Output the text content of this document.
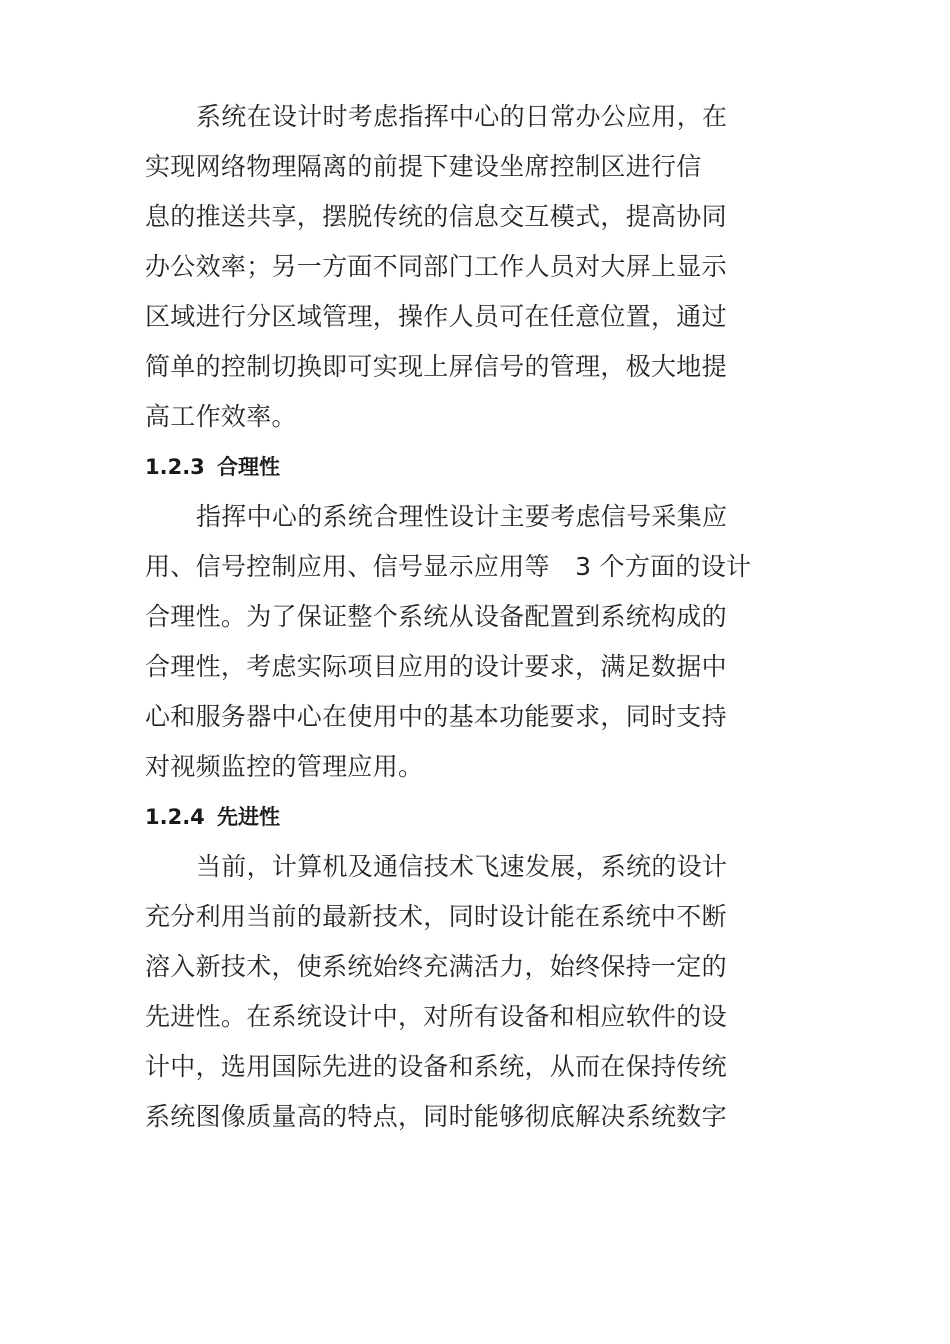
系统在设计时考虑指挥中心的日常办公应用，在
实现网络物理隔离的前提下建设坐席控制区进行信
息的推送共享，摆脱传统的信息交互模式，提高协同
办公效率；另一方面不同部门工作人员对大屏上显示
区域进行分区域管理，操作人员可在任意位置，通过
简单的控制切换即可实现上屏信号的管理，极大地提
高工作效率。
1.2.3 合理性
指挥中心的系统合理性设计主要考虑信号采集应
用、信号控制应用、信号显示应用等　3 个方面的设计
合理性。为了保证整个系统从设备配置到系统构成的
合理性，考虑实际项目应用的设计要求，满足数据中
心和服务器中心在使用中的基本功能要求，同时支持
对视频监控的管理应用。
1.2.4 先进性
当前，计算机及通信技术飞速发展，系统的设计
充分利用当前的最新技术，同时设计能在系统中不断
溶入新技术，使系统始终充满活力，始终保持一定的
先进性。在系统设计中，对所有设备和相应软件的设
计中，选用国际先进的设备和系统，从而在保持传统
系统图像质量高的特点，同时能够彻底解决系统数字
